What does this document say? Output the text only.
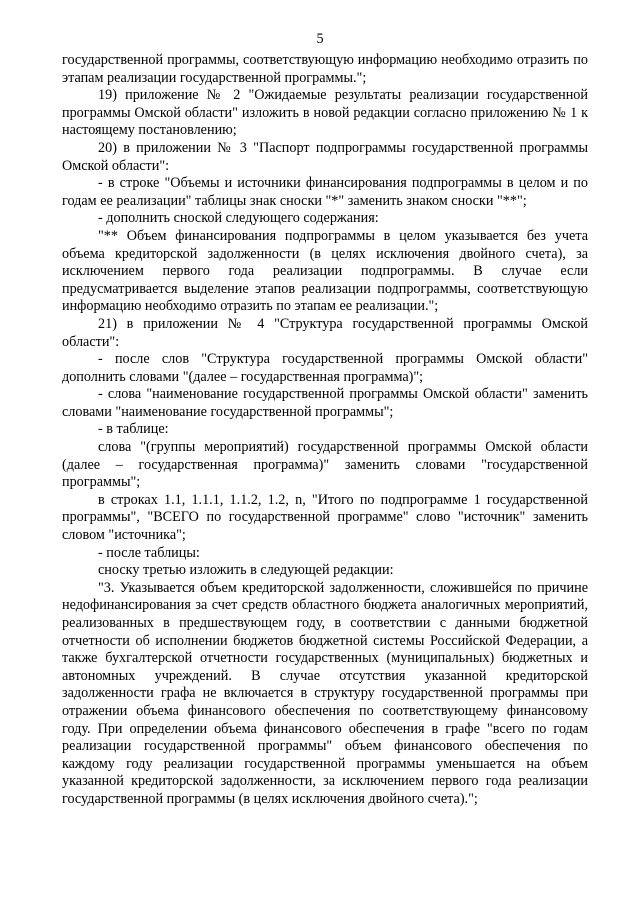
5

государственной программы, соответствующую информацию необходимо отразить по этапам реализации государственной программы.";

19) приложение № 2 "Ожидаемые результаты реализации государственной программы Омской области" изложить в новой редакции согласно приложению № 1 к настоящему постановлению;

20) в приложении № 3 "Паспорт подпрограммы государственной программы Омской области":

- в строке "Объемы и источники финансирования подпрограммы в целом и по годам ее реализации" таблицы знак сноски "*" заменить знаком сноски "**";

- дополнить сноской следующего содержания:

"** Объем финансирования подпрограммы в целом указывается без учета объема кредиторской задолженности (в целях исключения двойного счета), за исключением первого года реализации подпрограммы. В случае если предусматривается выделение этапов реализации подпрограммы, соответствующую информацию необходимо отразить по этапам ее реализации.";

21) в приложении № 4 "Структура государственной программы Омской области":

- после слов "Структура государственной программы Омской области" дополнить словами "(далее – государственная программа)";

- слова "наименование государственной программы Омской области" заменить словами "наименование государственной программы";

- в таблице:

слова "(группы мероприятий) государственной программы Омской области (далее – государственная программа)" заменить словами "государственной программы";

в строках 1.1, 1.1.1, 1.1.2, 1.2, n, "Итого по подпрограмме 1 государственной программы", "ВСЕГО по государственной программе" слово "источник" заменить словом "источника";

- после таблицы:

сноску третью изложить в следующей редакции:

"3. Указывается объем кредиторской задолженности, сложившейся по причине недофинансирования за счет средств областного бюджета аналогичных мероприятий, реализованных в предшествующем году, в соответствии с данными бюджетной отчетности об исполнении бюджетов бюджетной системы Российской Федерации, а также бухгалтерской отчетности государственных (муниципальных) бюджетных и автономных учреждений. В случае отсутствия указанной кредиторской задолженности графа не включается в структуру государственной программы при отражении объема финансового обеспечения по соответствующему финансовому году. При определении объема финансового обеспечения в графе "всего по годам реализации государственной программы" объем финансового обеспечения по каждому году реализации государственной программы уменьшается на объем указанной кредиторской задолженности, за исключением первого года реализации государственной программы (в целях исключения двойного счета).";
